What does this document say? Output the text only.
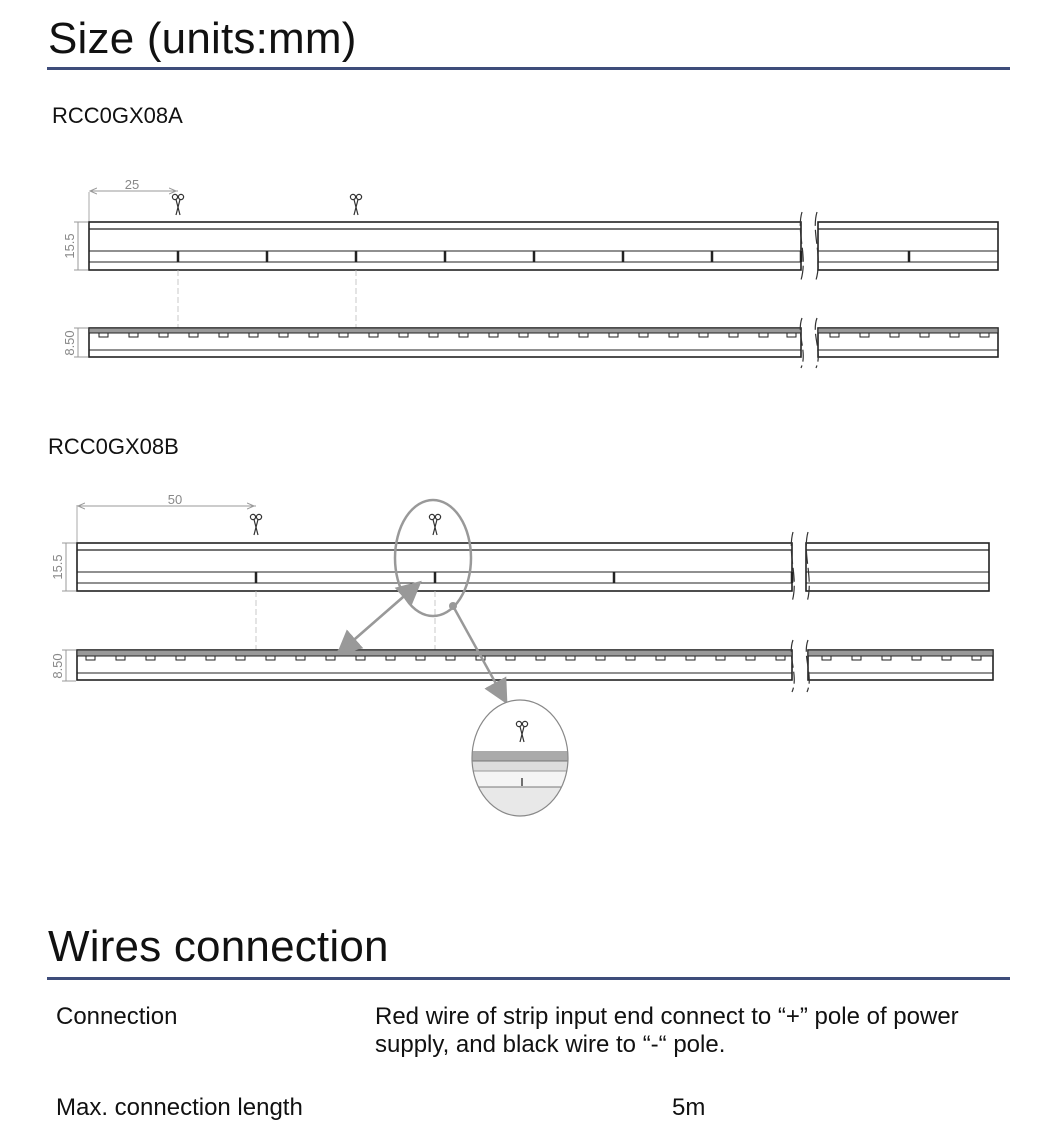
Size (units:mm)
RCC0GX08A
RCC0GX08B
25
15.5
8.50
50
15.5
8.50
Wires connection
Connection	Red wire of strip input end connect to “+” pole of power supply, and black wire to “-“ pole.
Max. connection length	5m
